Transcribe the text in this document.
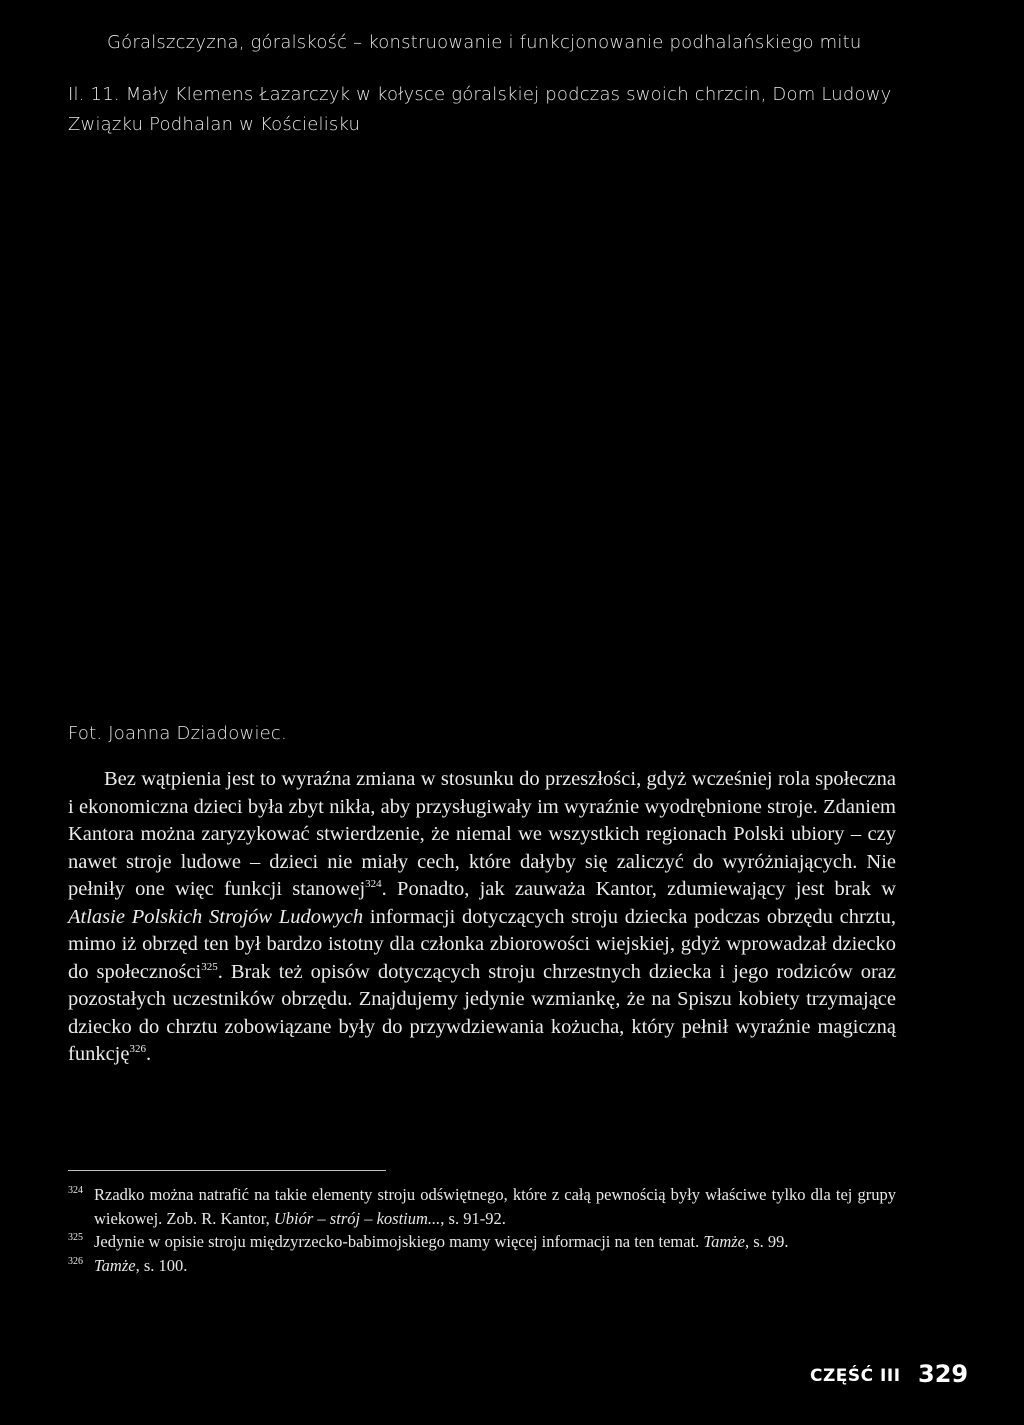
Góralszczyzna, góralskość – konstruowanie i funkcjonowanie podhalańskiego mitu
Il. 11. Mały Klemens Łazarczyk w kołysce góralskiej podczas swoich chrzcin, Dom Ludowy Związku Podhalan w Kościelisku
Fot. Joanna Dziadowiec.

Bez wątpienia jest to wyraźna zmiana w stosunku do przeszłości, gdyż wcześniej rola społeczna i ekonomiczna dzieci była zbyt nikła, aby przysługiwały im wyraźnie wyodrębnione stroje. Zdaniem Kantora można zaryzykować stwierdzenie, że niemal we wszystkich regionach Polski ubiory – czy nawet stroje ludowe – dzieci nie miały cech, które dałyby się zaliczyć do wyróżniających. Nie pełniły one więc funkcji stanowej$^{324}$. Ponadto, jak zauważa Kantor, zdumiewający jest brak w Atlasie Polskich Strojów Ludowych informacji dotyczących stroju dziecka podczas obrzędu chrztu, mimo iż obrzęd ten był bardzo istotny dla członka zbiorowości wiejskiej, gdyż wprowadzał dziecko do społeczności$^{325}$. Brak też opisów dotyczących stroju chrzestnych dziecka i jego rodziców oraz pozostałych uczestników obrzędu. Znajdujemy jedynie wzmiankę, że na Spiszu kobiety trzymające dziecko do chrztu zobowiązane były do przywdziewania kożucha, który pełnił wyraźnie magiczną funkcję$^{326}$.

324 Rzadko można natrafić na takie elementy stroju odświętnego, które z całą pewnością były właściwe tylko dla tej grupy wiekowej. Zob. R. Kantor, Ubiór – strój – kostium..., s. 91-92.
325 Jedynie w opisie stroju międzyrzecko-babimojskiego mamy więcej informacji na ten temat. Tamże, s. 99.
326 Tamże, s. 100.
CZĘŚĆ III 329
